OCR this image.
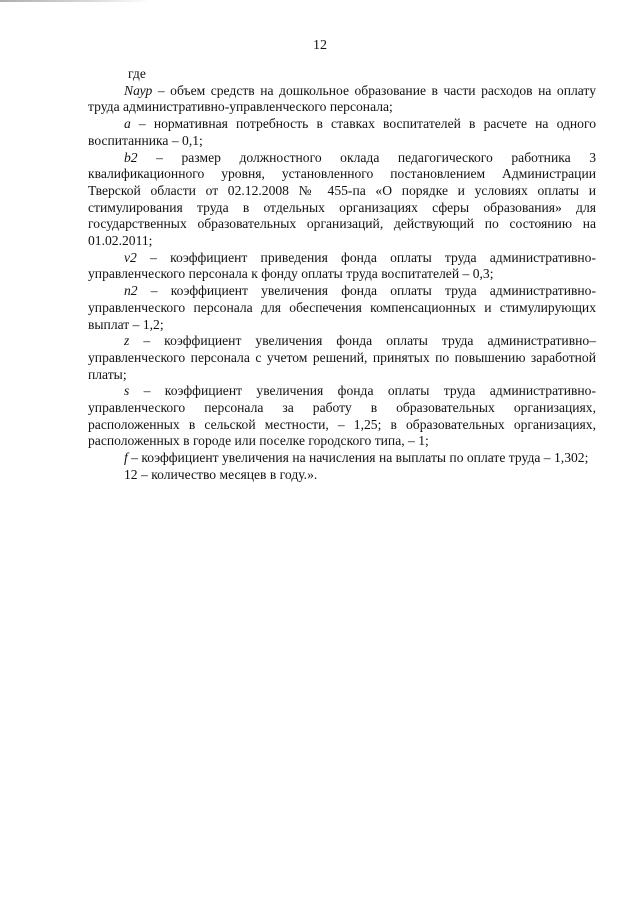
12

где

Nаур – объем средств на дошкольное образование в части расходов на оплату труда административно-управленческого персонала;

a – нормативная потребность в ставках воспитателей в расчете на одного воспитанника – 0,1;

b2 – размер должностного оклада педагогического работника 3 квалификационного уровня, установленного постановлением Администрации Тверской области от 02.12.2008 № 455-па «О порядке и условиях оплаты и стимулирования труда в отдельных организациях сферы образования» для государственных образовательных организаций, действующий по состоянию на 01.02.2011;

v2 – коэффициент приведения фонда оплаты труда административно-управленческого персонала к фонду оплаты труда воспитателей – 0,3;

n2 – коэффициент увеличения фонда оплаты труда административно-управленческого персонала для обеспечения компенсационных и стимулирующих выплат – 1,2;

z – коэффициент увеличения фонда оплаты труда административно–управленческого персонала с учетом решений, принятых по повышению заработной платы;

s – коэффициент увеличения фонда оплаты труда административно-управленческого персонала за работу в образовательных организациях, расположенных в сельской местности, – 1,25; в образовательных организациях, расположенных в городе или поселке городского типа, – 1;

f – коэффициент увеличения на начисления на выплаты по оплате труда – 1,302;

12 – количество месяцев в году.».
